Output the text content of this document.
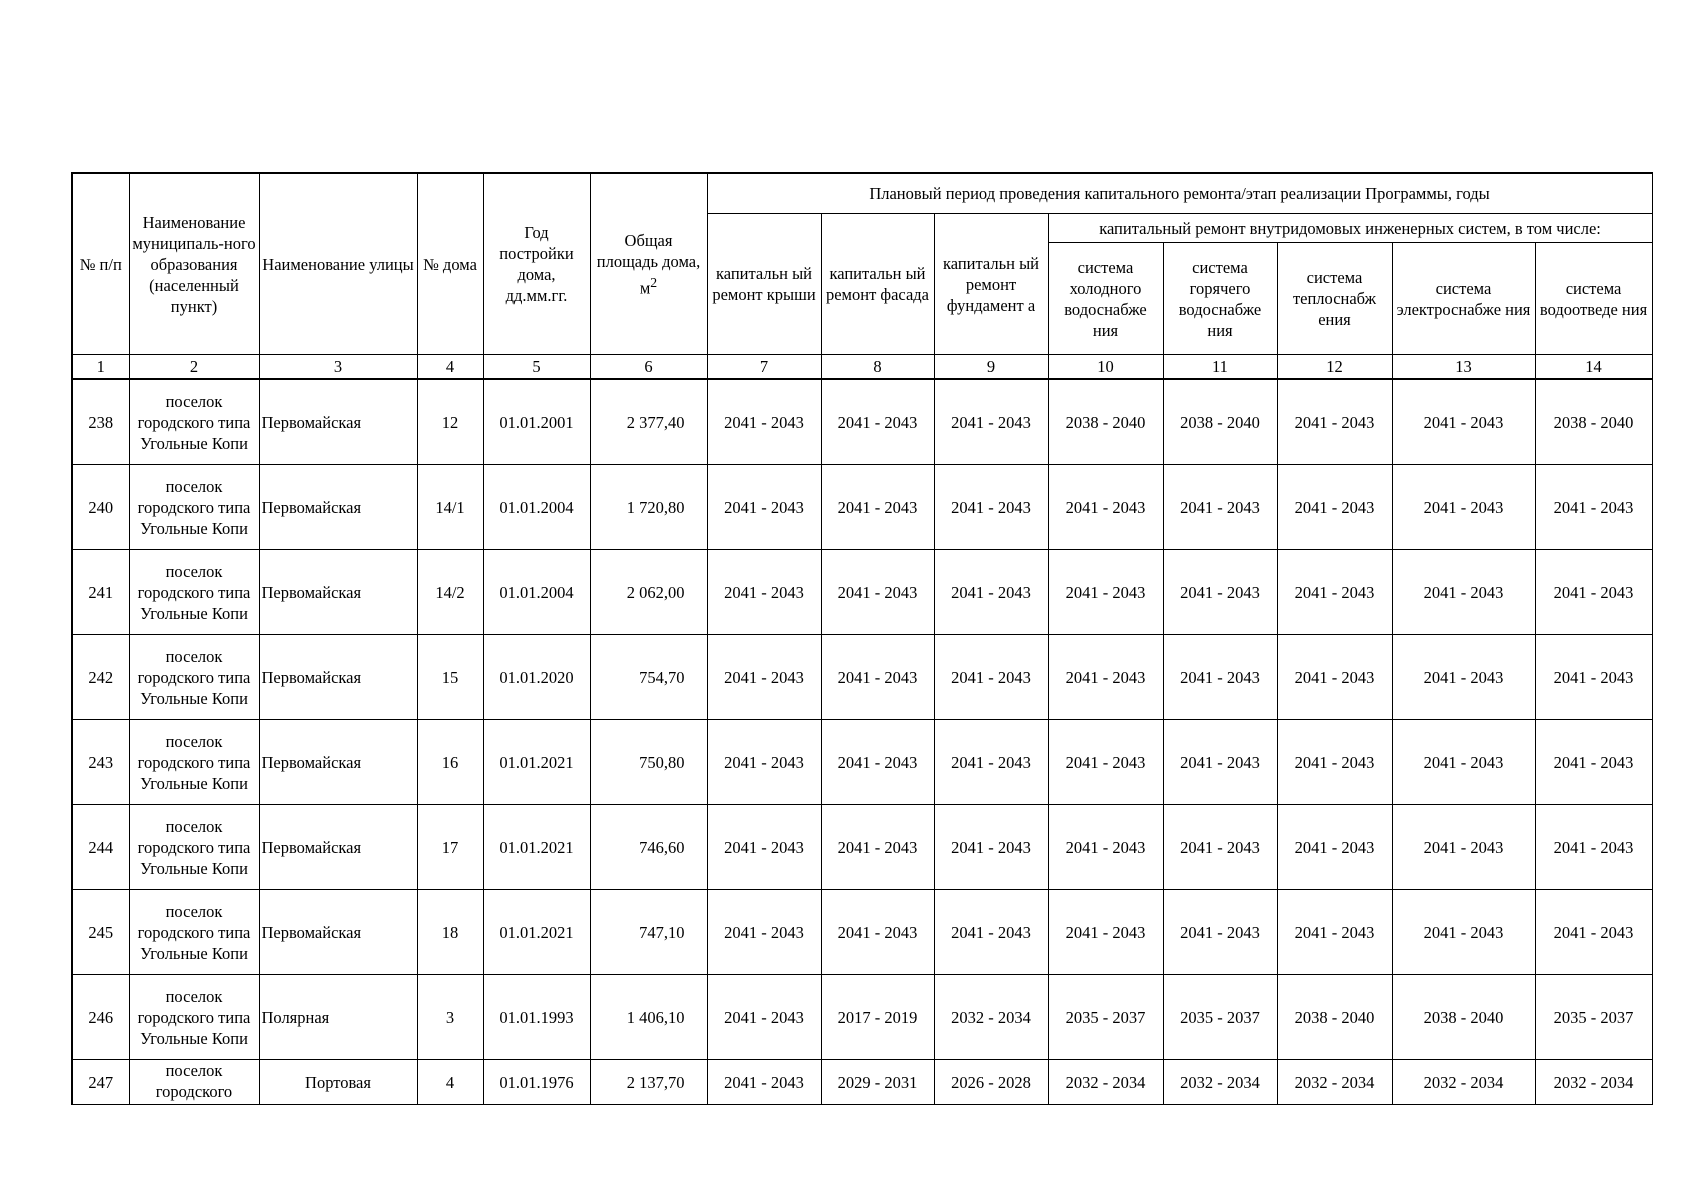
№ п/п	Наименование муниципаль-ного образования (населенный пункт)	Наименование улицы	№ дома	Год постройки дома, дд.мм.гг.	Общая площадь дома, $м^2$	Плановый период проведения капитального ремонта/этап реализации Программы, годы							
						капитальн ый ремонт крыши	капитальн ый ремонт фасада	капитальн ый ремонт фундамент а	капитальный ремонт внутридомовых инженерных систем, в том числе:				
									система холодного водоснабже ния	система горячего водоснабже ния	система теплоснабж ения	система электроснабже ния	система водоотведе ния
1	2	3	4	5	6	7	8	9	10	11	12	13	14
238	поселок городского типа Угольные Копи	Первомайская	12	01.01.2001	2 377,40	2041 - 2043	2041 - 2043	2041 - 2043	2038 - 2040	2038 - 2040	2041 - 2043	2041 - 2043	2038 - 2040
240	поселок городского типа Угольные Копи	Первомайская	14/1	01.01.2004	1 720,80	2041 - 2043	2041 - 2043	2041 - 2043	2041 - 2043	2041 - 2043	2041 - 2043	2041 - 2043	2041 - 2043
241	поселок городского типа Угольные Копи	Первомайская	14/2	01.01.2004	2 062,00	2041 - 2043	2041 - 2043	2041 - 2043	2041 - 2043	2041 - 2043	2041 - 2043	2041 - 2043	2041 - 2043
242	поселок городского типа Угольные Копи	Первомайская	15	01.01.2020	754,70	2041 - 2043	2041 - 2043	2041 - 2043	2041 - 2043	2041 - 2043	2041 - 2043	2041 - 2043	2041 - 2043
243	поселок городского типа Угольные Копи	Первомайская	16	01.01.2021	750,80	2041 - 2043	2041 - 2043	2041 - 2043	2041 - 2043	2041 - 2043	2041 - 2043	2041 - 2043	2041 - 2043
244	поселок городского типа Угольные Копи	Первомайская	17	01.01.2021	746,60	2041 - 2043	2041 - 2043	2041 - 2043	2041 - 2043	2041 - 2043	2041 - 2043	2041 - 2043	2041 - 2043
245	поселок городского типа Угольные Копи	Первомайская	18	01.01.2021	747,10	2041 - 2043	2041 - 2043	2041 - 2043	2041 - 2043	2041 - 2043	2041 - 2043	2041 - 2043	2041 - 2043
246	поселок городского типа Угольные Копи	Полярная	3	01.01.1993	1 406,10	2041 - 2043	2017 - 2019	2032 - 2034	2035 - 2037	2035 - 2037	2038 - 2040	2038 - 2040	2035 - 2037
247	поселок городского	Портовая	4	01.01.1976	2 137,70	2041 - 2043	2029 - 2031	2026 - 2028	2032 - 2034	2032 - 2034	2032 - 2034	2032 - 2034	2032 - 2034
